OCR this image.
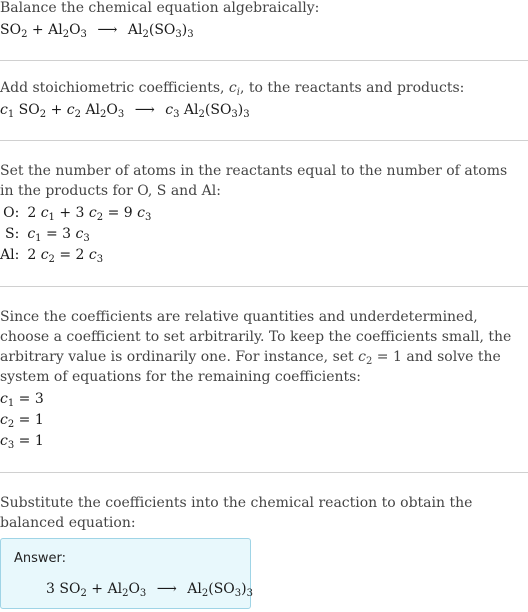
Balance the chemical equation algebraically:

$SO_2 + Al_2O_3$ ⟶ $Al_2(SO_3)_3$

Add stoichiometric coefficients, $c_i$, to the reactants and products:

$c_1$ $SO_2 + c_2$ $Al_2O_3$ ⟶ $c_3$ $Al_2(SO_3)_3$

Set the number of atoms in the reactants equal to the number of atoms in the products for O, S and Al:

O:	2 $c_1 + 3$ $c_2 = 9$ $c_3$
S:	$c_1 = 3$ $c_3$
Al:	2 $c_2 = 2$ $c_3$

Since the coefficients are relative quantities and underdetermined, choose a coefficient to set arbitrarily. To keep the coefficients small, the arbitrary value is ordinarily one. For instance, set $c_2 = 1$ and solve the system of equations for the remaining coefficients:

$c_1 = 3$
$c_2 = 1$
$c_3 = 1$

Substitute the coefficients into the chemical reaction to obtain the balanced equation:

Answer:
3 $SO_2 + Al_2O_3$ ⟶ $Al_2(SO_3)_3$
